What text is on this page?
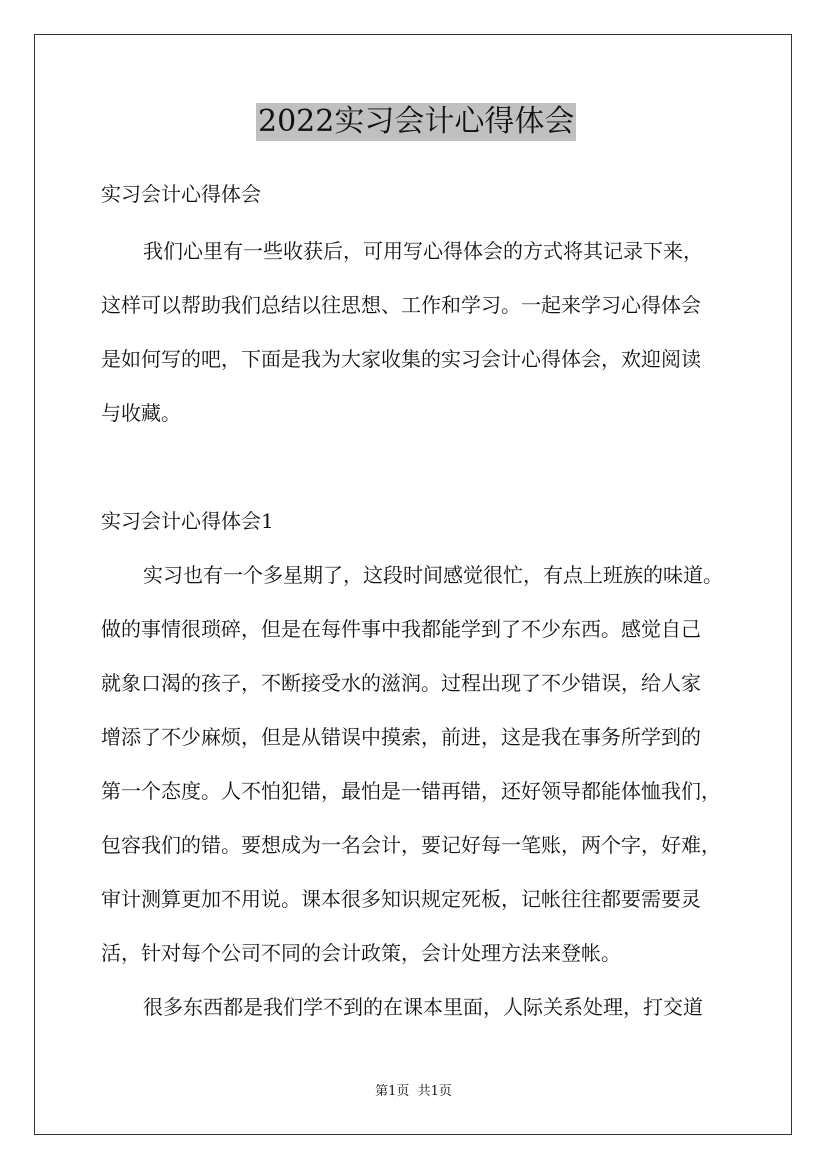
2022实习会计心得体会
实习会计心得体会
我们心里有一些收获后，可用写心得体会的方式将其记录下来，
这样可以帮助我们总结以往思想、工作和学习。一起来学习心得体会
是如何写的吧，下面是我为大家收集的实习会计心得体会，欢迎阅读
与收藏。
实习会计心得体会1
实习也有一个多星期了，这段时间感觉很忙，有点上班族的味道。
做的事情很琐碎，但是在每件事中我都能学到了不少东西。感觉自己
就象口渴的孩子，不断接受水的滋润。过程出现了不少错误，给人家
增添了不少麻烦，但是从错误中摸索，前进，这是我在事务所学到的
第一个态度。人不怕犯错，最怕是一错再错，还好领导都能体恤我们，
包容我们的错。要想成为一名会计，要记好每一笔账，两个字，好难，
审计测算更加不用说。课本很多知识规定死板，记帐往往都要需要灵
活，针对每个公司不同的会计政策，会计处理方法来登帐。
很多东西都是我们学不到的在课本里面，人际关系处理，打交道
第1页  共1页
